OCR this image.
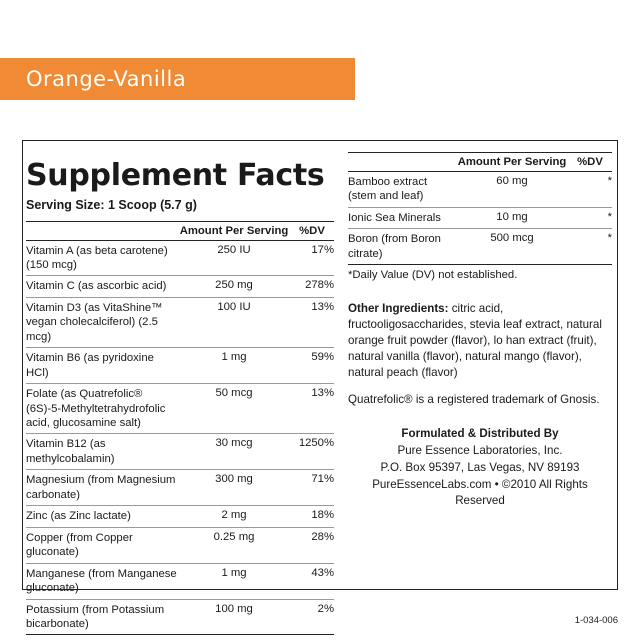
Orange-Vanilla
Supplement Facts
Serving Size: 1 Scoop (5.7 g)
	Amount Per Serving	%DV
Vitamin A (as beta carotene) (150 mcg)	250 IU	17%
Vitamin C (as ascorbic acid)	250 mg	278%
Vitamin D3 (as VitaShine™ vegan cholecalciferol) (2.5 mcg)	100 IU	13%
Vitamin B6 (as pyridoxine HCl)	1 mg	59%
Folate (as Quatrefolic® (6S)-5-Methyltetrahydrofolic acid, glucosamine salt)	50 mcg	13%
Vitamin B12 (as methylcobalamin)	30 mcg	1250%
Magnesium (from Magnesium carbonate)	300 mg	71%
Zinc (as Zinc lactate)	2 mg	18%
Copper (from Copper gluconate)	0.25 mg	28%
Manganese (from Manganese gluconate)	1 mg	43%
Potassium (from Potassium bicarbonate)	100 mg	2%
	Amount Per Serving	%DV
Bamboo extract (stem and leaf)	60 mg	*
Ionic Sea Minerals	10 mg	*
Boron (from Boron citrate)	500 mcg	*
*Daily Value (DV) not established.
Other Ingredients: citric acid, fructooligosaccharides, stevia leaf extract, natural orange fruit powder (flavor), lo han extract (fruit), natural vanilla (flavor), natural mango (flavor), natural peach (flavor)
Quatrefolic® is a registered trademark of Gnosis.
Formulated & Distributed By
Pure Essence Laboratories, Inc.
P.O. Box 95397, Las Vegas, NV 89193
PureEssenceLabs.com • ©2010 All Rights Reserved
1-034-006
